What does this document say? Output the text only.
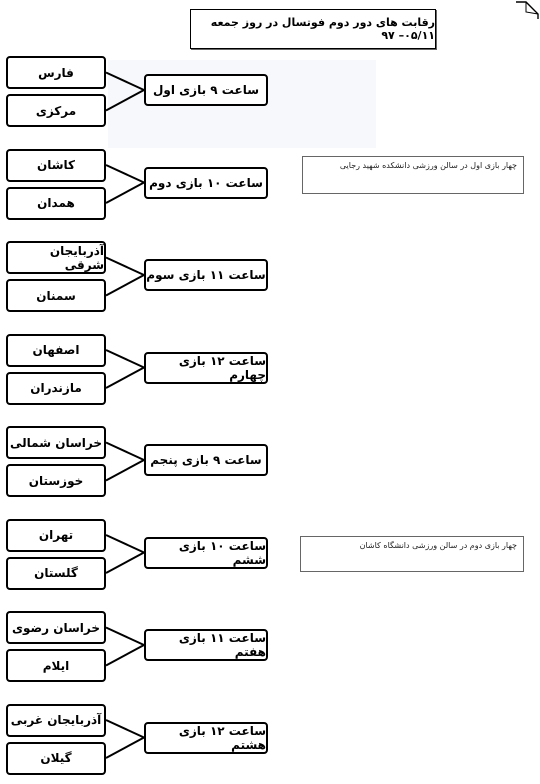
رقابت های دور دوم فوتسال در روز جمعه ۰۵/۱۱– ۹۷
فارس
مرکزی
ساعت ۹ بازی اول
کاشان
همدان
ساعت ۱۰ بازی دوم
آذربایجان شرقی
سمنان
ساعت ۱۱ بازی سوم
اصفهان
مازندران
ساعت ۱۲ بازی چهارم
خراسان شمالی
خوزستان
ساعت ۹ بازی پنجم
تهران
گلستان
ساعت ۱۰ بازی ششم
خراسان رضوی
ایلام
ساعت ۱۱ بازی هفتم
آذربایجان غربی
گیلان
ساعت ۱۲ بازی هشتم
چهار بازی اول در سالن ورزشی دانشکده شهید رجایی
چهار بازی دوم در سالن ورزشی دانشگاه کاشان
